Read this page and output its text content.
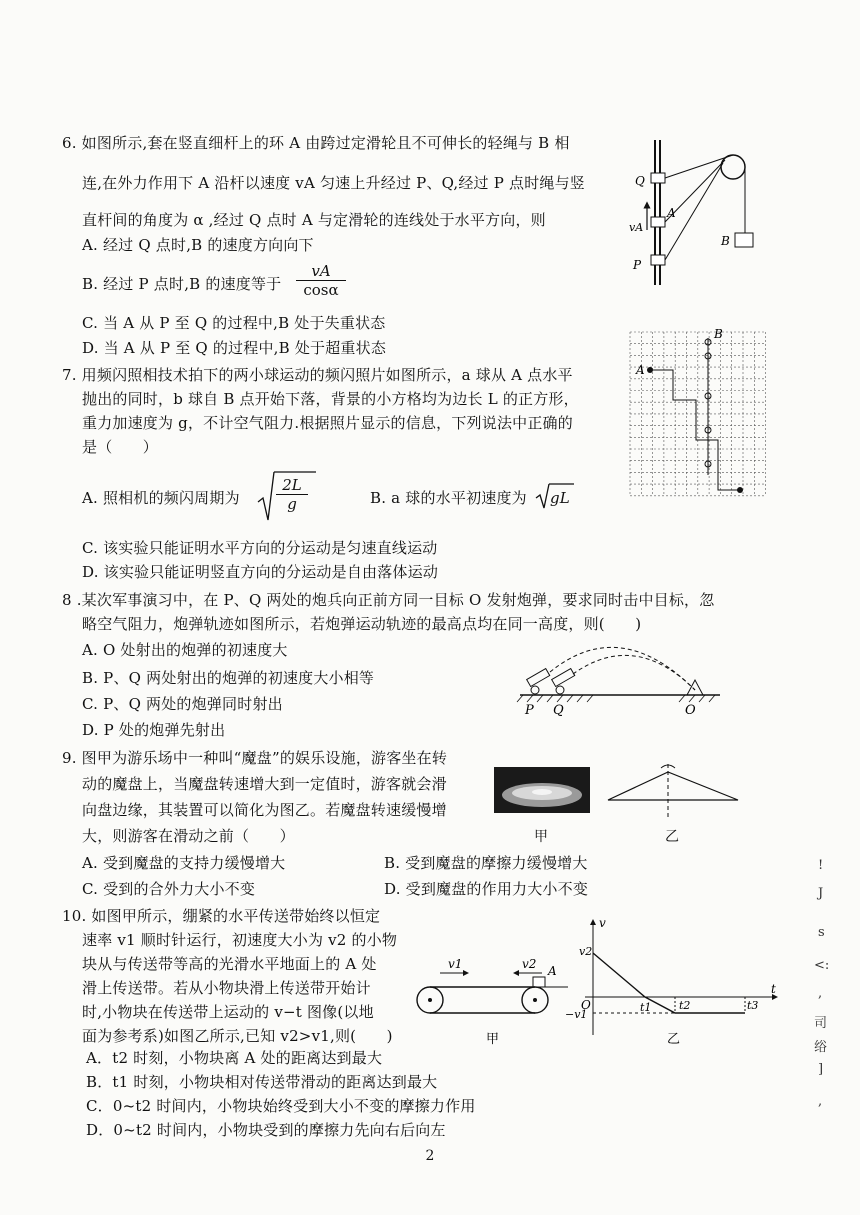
6. 如图所示,套在竖直细杆上的环 A 由跨过定滑轮且不可伸长的轻绳与 B 相
连,在外力作用下 A 沿杆以速度 vA 匀速上升经过 P、Q,经过 P 点时绳与竖
直杆间的角度为 α ,经过 Q 点时 A 与定滑轮的连线处于水平方向，则
A. 经过 Q 点时,B 的速度方向向下
B. 经过 P 点时,B 的速度等于 $\frac{vA}{\cos\alpha}$
C. 当 A 从 P 至 Q 的过程中,B 处于失重状态
D. 当 A 从 P 至 Q 的过程中,B 处于超重状态
Q
A
vA
P
B
7. 用频闪照相技术拍下的两小球运动的频闪照片如图所示，a 球从 A 点水平
抛出的同时，b 球自 B 点开始下落，背景的小方格均为边长 L 的正方形，
重力加速度为 g，不计空气阻力.根据照片显示的信息，下列说法中正确的
是（　　）
A. 照相机的频闪周期为 $\frac{2L}{g}$	B. a 球的水平初速度为 gL
C. 该实验只能证明水平方向的分运动是匀速直线运动
D. 该实验只能证明竖直方向的分运动是自由落体运动
A
B
8 .某次军事演习中，在 P、Q 两处的炮兵向正前方同一目标 O 发射炮弹，要求同时击中目标，忽
略空气阻力，炮弹轨迹如图所示，若炮弹运动轨迹的最高点均在同一高度，则(　　)
A. O 处射出的炮弹的初速度大
B. P、Q 两处射出的炮弹的初速度大小相等
C. P、Q 两处的炮弹同时射出
D. P 处的炮弹先射出
P Q	O
9. 图甲为游乐场中一种叫“魔盘”的娱乐设施，游客坐在转
动的魔盘上，当魔盘转速增大到一定值时，游客就会滑
向盘边缘，其装置可以简化为图乙。若魔盘转速缓慢增
大，则游客在滑动之前（　　）
A. 受到魔盘的支持力缓慢增大	B. 受到魔盘的摩擦力缓慢增大
C. 受到的合外力大小不变	D. 受到魔盘的作用力大小不变
甲	乙
10. 如图甲所示，绷紧的水平传送带始终以恒定
速率 v1 顺时针运行，初速度大小为 v2 的小物
块从与传送带等高的光滑水平地面上的 A 处
滑上传送带。若从小物块滑上传送带开始计
时,小物块在传送带上运动的 v−t 图像(以地
面为参考系)如图乙所示,已知 v2>v1,则(　　)
A．t2 时刻，小物块离 A 处的距离达到最大
B．t1 时刻，小物块相对传送带滑动的距离达到最大
C．0~t2 时间内，小物块始终受到大小不变的摩擦力作用
D．0~t2 时间内，小物块受到的摩擦力先向右后向左
v1	v2 A
甲
v
t
O
v2
−v1
t1	t2	t3
乙
!
J
s
<:
,
司
绤
]
,
2
